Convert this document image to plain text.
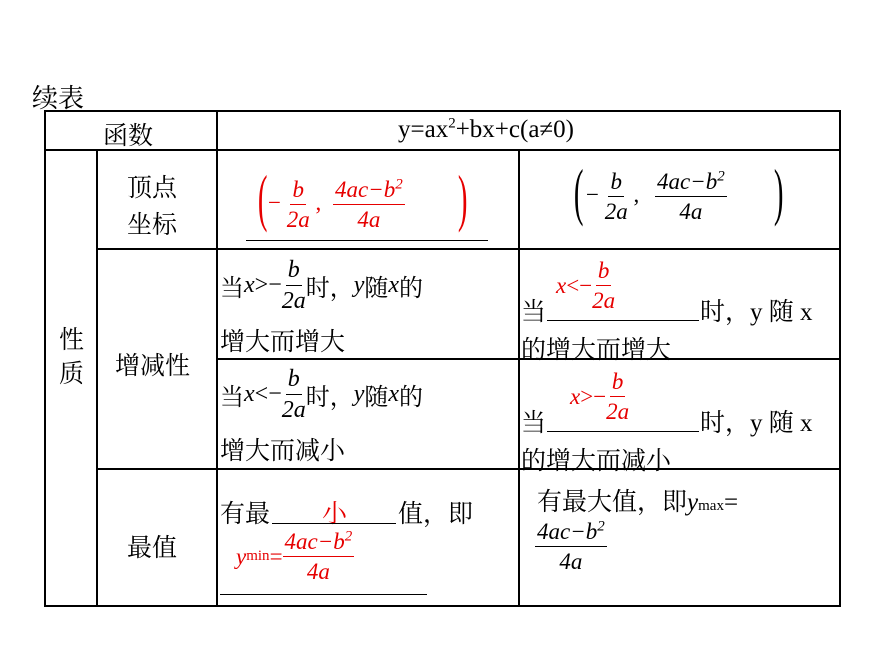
续表
函数	$y=ax^2+bx+c(a\ne 0)$
性
质
顶点
坐标
增减性
最值
( − $\frac{b}{2a}$ , $\frac{4ac-b^2}{4a}$ ) ( − $\frac{b}{2a}$ , $\frac{4ac-b^2}{4a}$ )
当 $x >- \frac{b}{2a}$ 时， y 随 x 的
增大而增大
当 $x <- \frac{b}{2a}$ 时， y 随 x 的
增大而减小
当
$x <- \frac{b}{2a}$
时，y 随 x
的增大而增大
当
$x >- \frac{b}{2a}$
时，y 随 x
的增大而减小
有最 小 值，即
y $\min = \frac{4ac-b^2}{4a}$
有最大值，即 y max =
$\frac{4ac-b^2}{4a}$
